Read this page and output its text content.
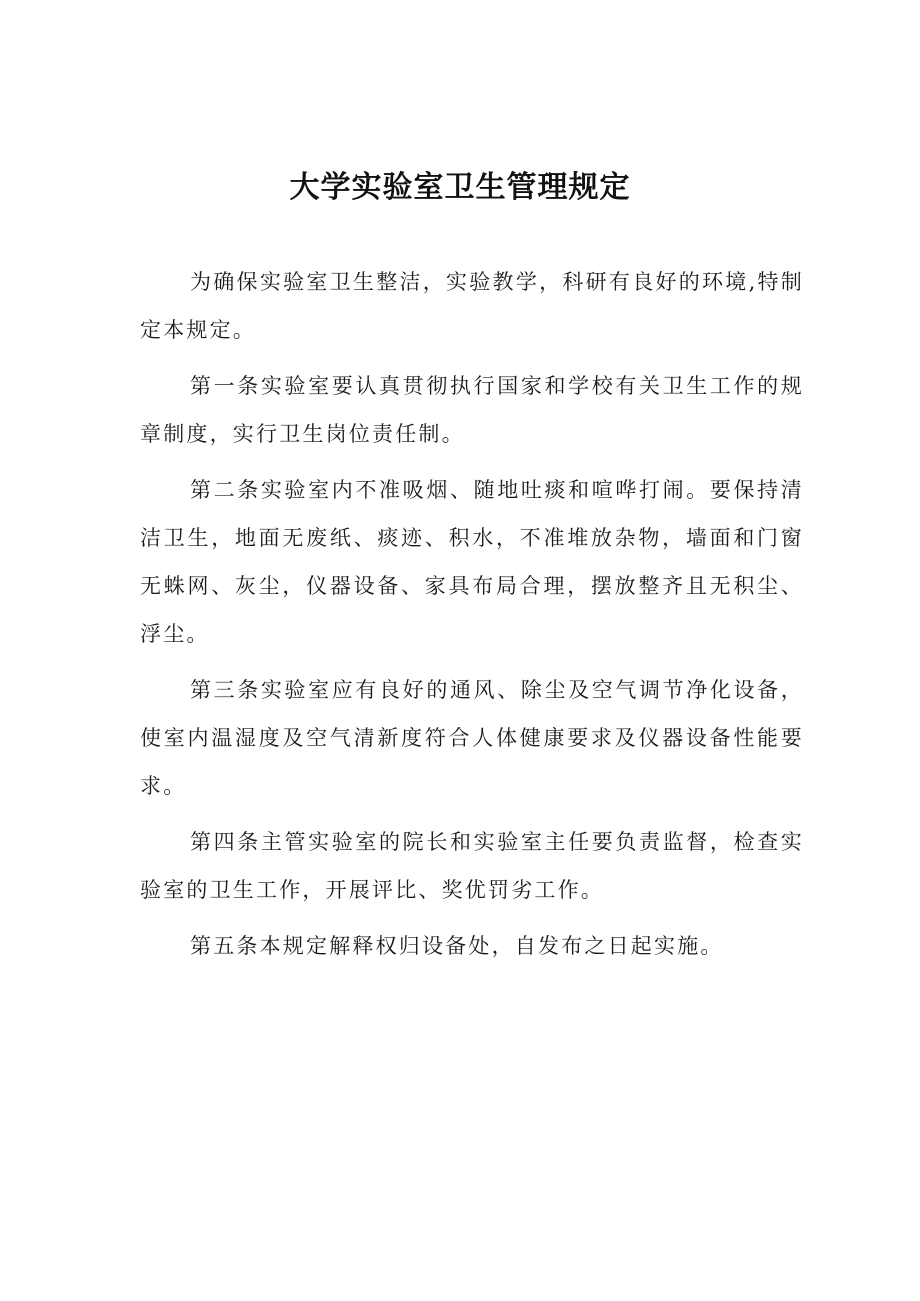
大学实验室卫生管理规定

为确保实验室卫生整洁，实验教学，科研有良好的环境,特制定本规定。

第一条实验室要认真贯彻执行国家和学校有关卫生工作的规章制度，实行卫生岗位责任制。

第二条实验室内不准吸烟、随地吐痰和喧哗打闹。要保持清洁卫生，地面无废纸、痰迹、积水，不准堆放杂物，墙面和门窗无蛛网、灰尘，仪器设备、家具布局合理，摆放整齐且无积尘、浮尘。

第三条实验室应有良好的通风、除尘及空气调节净化设备，使室内温湿度及空气清新度符合人体健康要求及仪器设备性能要求。

第四条主管实验室的院长和实验室主任要负责监督，检查实验室的卫生工作，开展评比、奖优罚劣工作。

第五条本规定解释权归设备处，自发布之日起实施。
